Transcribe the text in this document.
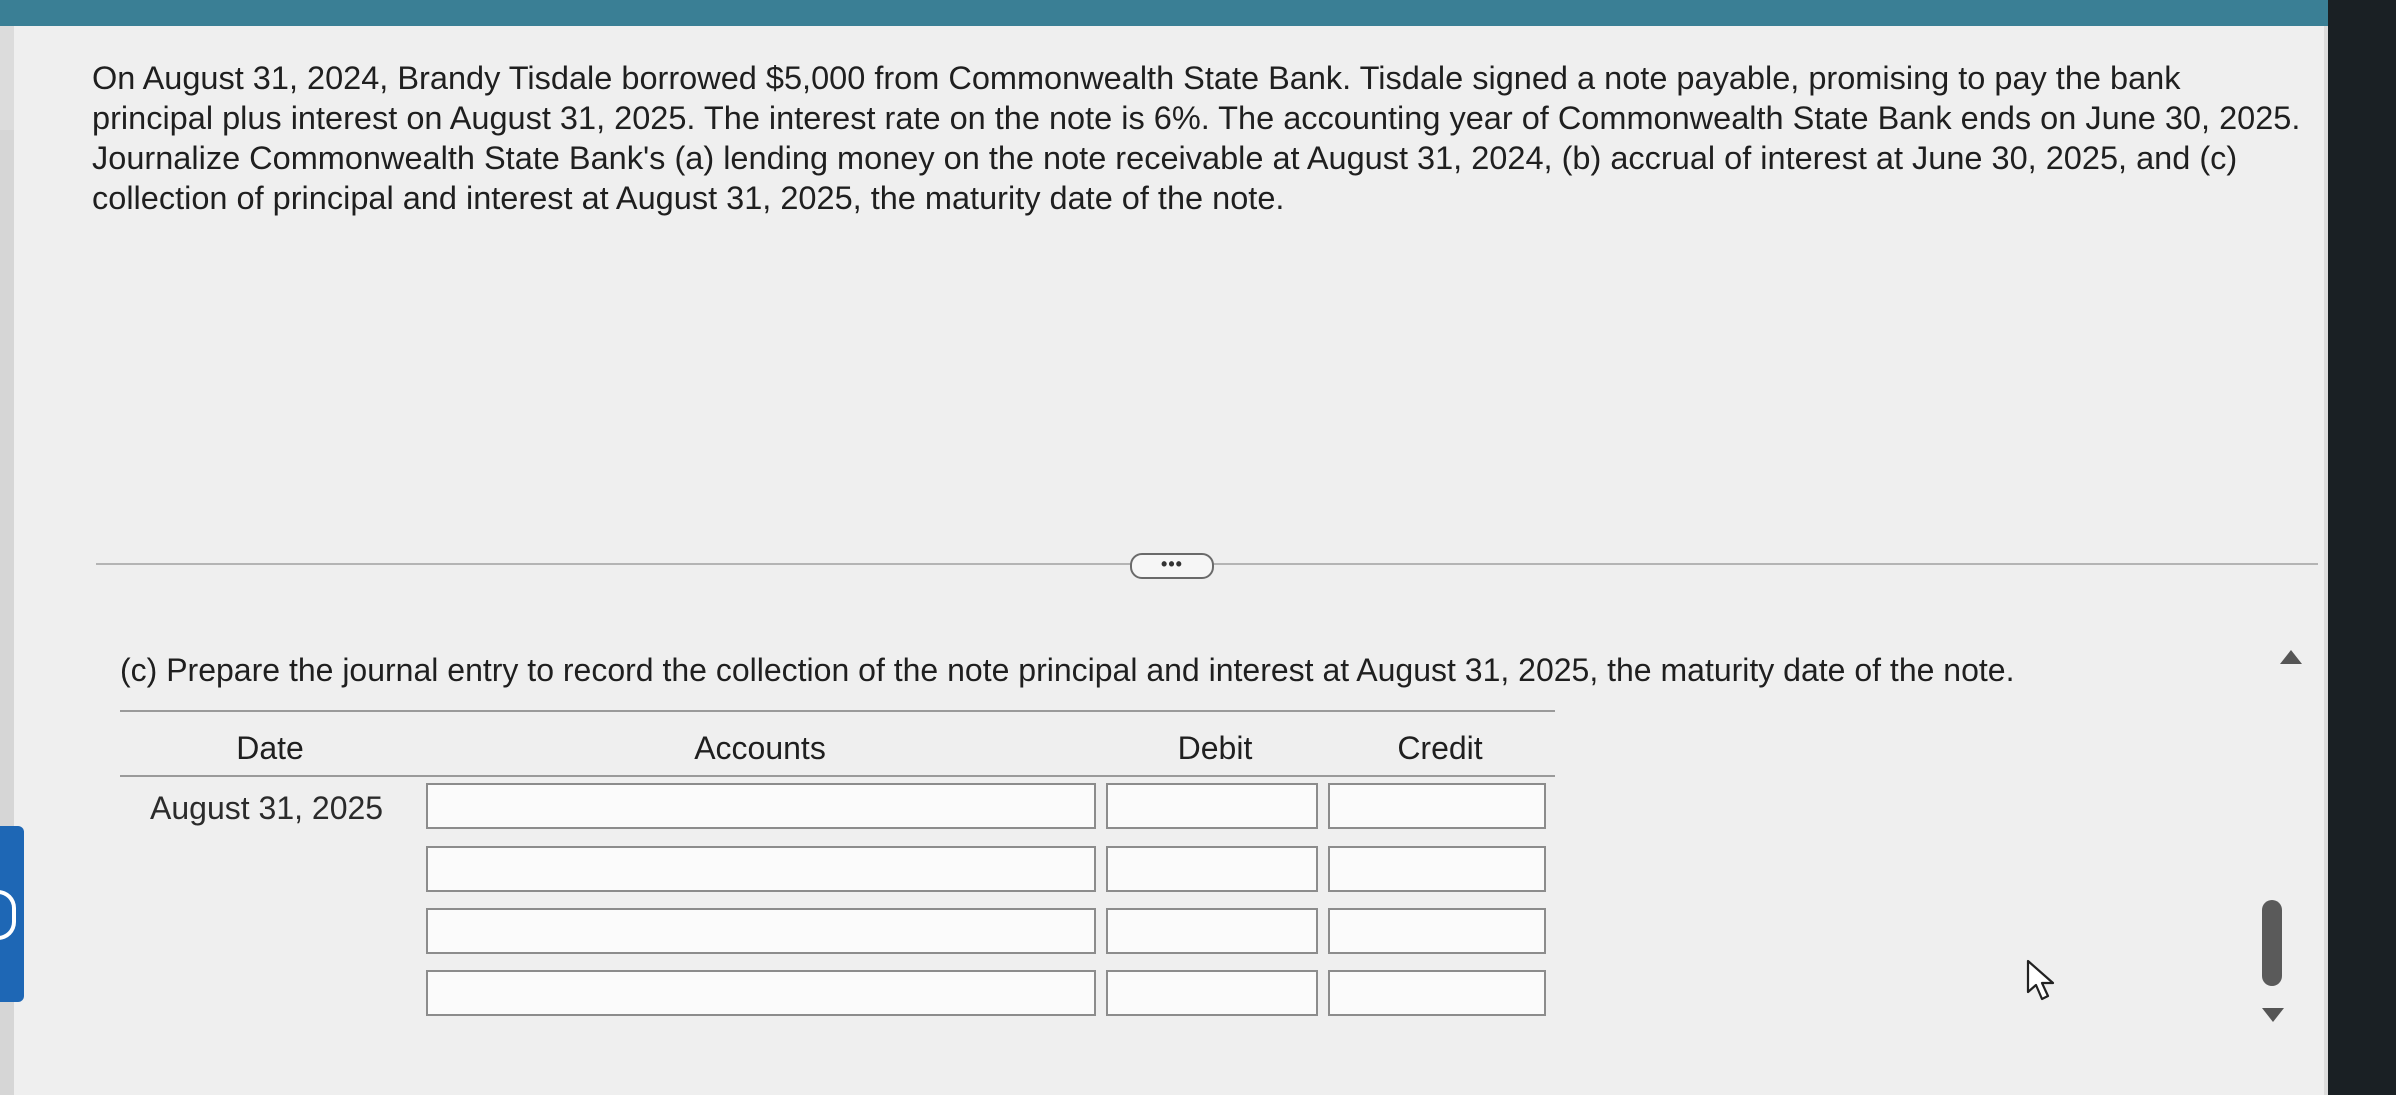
On August 31, 2024, Brandy Tisdale borrowed $5,000 from Commonwealth State Bank. Tisdale signed a note payable, promising to pay the bank principal plus interest on August 31, 2025. The interest rate on the note is 6%. The accounting year of Commonwealth State Bank ends on June 30, 2025. Journalize Commonwealth State Bank's (a) lending money on the note receivable at August 31, 2024, (b) accrual of interest at June 30, 2025, and (c) collection of principal and interest at August 31, 2025, the maturity date of the note.

•••
(c) Prepare the journal entry to record the collection of the note principal and interest at August 31, 2025, the maturity date of the note.
Date	Accounts	Debit	Credit
August 31, 2025
